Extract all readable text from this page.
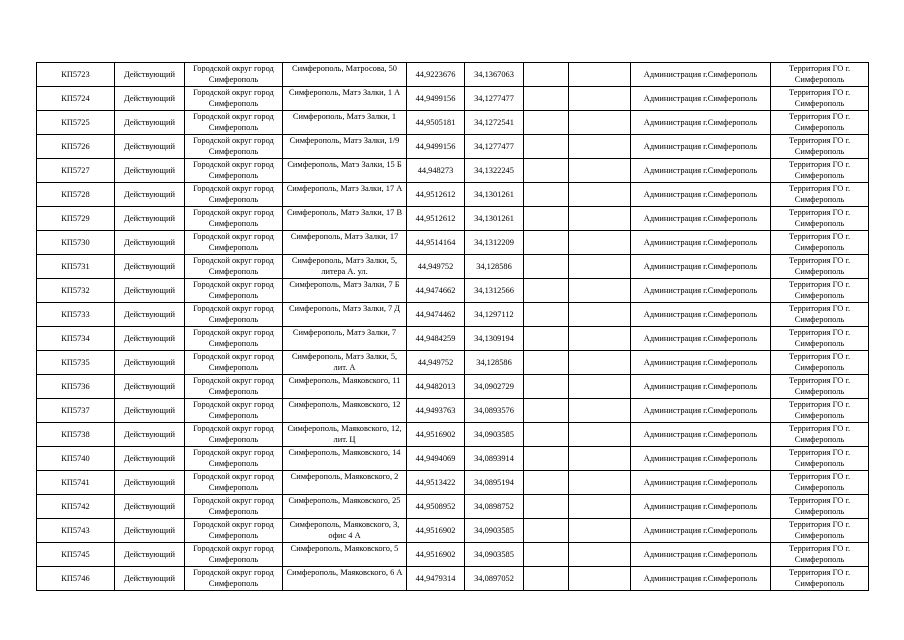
КП5723	Действующий	Городской округ город Симферополь	Симферополь, Матросова, 50	44,9223676	34,1367063			Администрация г.Симферополь	Территория ГО г. Симферополь
КП5724	Действующий	Городской округ город Симферополь	Симферополь, Матэ Залки, 1 А	44,9499156	34,1277477			Администрация г.Симферополь	Территория ГО г. Симферополь
КП5725	Действующий	Городской округ город Симферополь	Симферополь, Матэ Залки, 1	44,9505181	34,1272541			Администрация г.Симферополь	Территория ГО г. Симферополь
КП5726	Действующий	Городской округ город Симферополь	Симферополь, Матэ Залки, 1/9	44,9499156	34,1277477			Администрация г.Симферополь	Территория ГО г. Симферополь
КП5727	Действующий	Городской округ город Симферополь	Симферополь, Матэ Залки, 15 Б	44,948273	34,1322245			Администрация г.Симферополь	Территория ГО г. Симферополь
КП5728	Действующий	Городской округ город Симферополь	Симферополь, Матэ Залки, 17 А	44,9512612	34,1301261			Администрация г.Симферополь	Территория ГО г. Симферополь
КП5729	Действующий	Городской округ город Симферополь	Симферополь, Матэ Залки, 17 В	44,9512612	34,1301261			Администрация г.Симферополь	Территория ГО г. Симферополь
КП5730	Действующий	Городской округ город Симферополь	Симферополь, Матэ Залки, 17	44,9514164	34,1312209			Администрация г.Симферополь	Территория ГО г. Симферополь
КП5731	Действующий	Городской округ город Симферополь	Симферополь, Матэ Залки, 5, литера А. ул.	44,949752	34,128586			Администрация г.Симферополь	Территория ГО г. Симферополь
КП5732	Действующий	Городской округ город Симферополь	Симферополь, Матэ Залки, 7 Б	44,9474662	34,1312566			Администрация г.Симферополь	Территория ГО г. Симферополь
КП5733	Действующий	Городской округ город Симферополь	Симферополь, Матэ Залки, 7 Д	44,9474462	34,1297112			Администрация г.Симферополь	Территория ГО г. Симферополь
КП5734	Действующий	Городской округ город Симферополь	Симферополь, Матэ Залки, 7	44,9484259	34,1309194			Администрация г.Симферополь	Территория ГО г. Симферополь
КП5735	Действующий	Городской округ город Симферополь	Симферополь, Матэ Залки, 5, лит. А	44,949752	34,128586			Администрация г.Симферополь	Территория ГО г. Симферополь
КП5736	Действующий	Городской округ город Симферополь	Симферополь, Маяковского, 11	44,9482013	34,0902729			Администрация г.Симферополь	Территория ГО г. Симферополь
КП5737	Действующий	Городской округ город Симферополь	Симферополь, Маяковского, 12	44,9493763	34,0893576			Администрация г.Симферополь	Территория ГО г. Симферополь
КП5738	Действующий	Городской округ город Симферополь	Симферополь, Маяковского, 12, лит. Ц	44,9516902	34,0903585			Администрация г.Симферополь	Территория ГО г. Симферополь
КП5740	Действующий	Городской округ город Симферополь	Симферополь, Маяковского, 14	44,9494069	34,0893914			Администрация г.Симферополь	Территория ГО г. Симферополь
КП5741	Действующий	Городской округ город Симферополь	Симферополь, Маяковского, 2	44,9513422	34,0895194			Администрация г.Симферополь	Территория ГО г. Симферополь
КП5742	Действующий	Городской округ город Симферополь	Симферополь, Маяковского, 25	44,9508952	34,0898752			Администрация г.Симферополь	Территория ГО г. Симферополь
КП5743	Действующий	Городской округ город Симферополь	Симферополь, Маяковского, 3, офис 4 А	44,9516902	34,0903585			Администрация г.Симферополь	Территория ГО г. Симферополь
КП5745	Действующий	Городской округ город Симферополь	Симферополь, Маяковского, 5	44,9516902	34,0903585			Администрация г.Симферополь	Территория ГО г. Симферополь
КП5746	Действующий	Городской округ город Симферополь	Симферополь, Маяковского, 6 А	44,9479314	34,0897052			Администрация г.Симферополь	Территория ГО г. Симферополь
